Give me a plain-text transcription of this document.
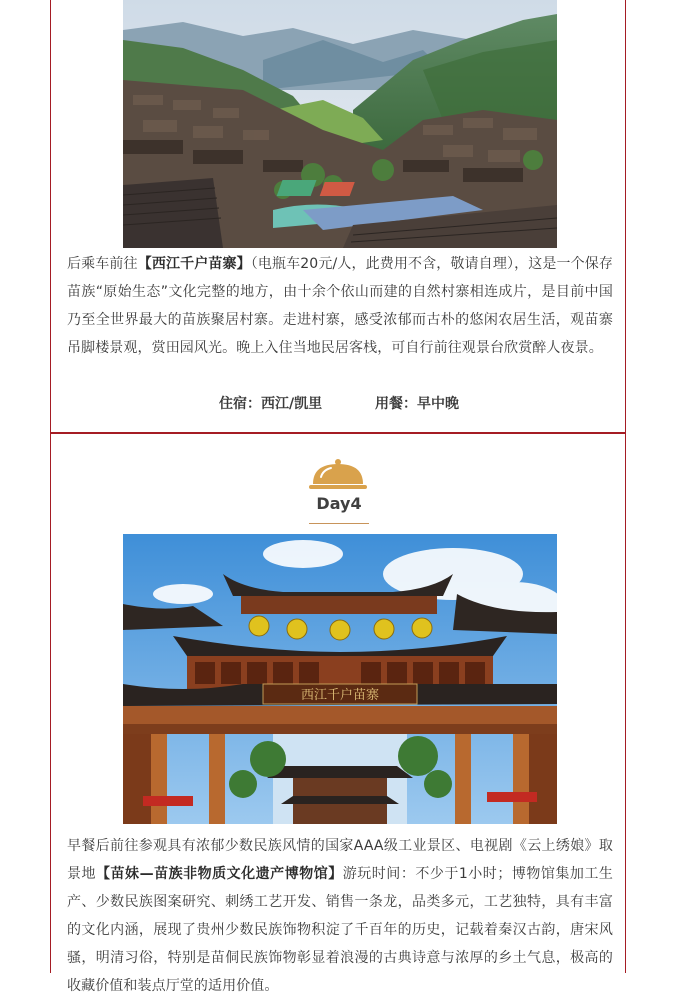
后乘车前往【西江千户苗寨】（电瓶车20元/人，此费用不含，敬请自理），这是一个保存苗族“原始生态”文化完整的地方，由十余个依山而建的自然村寨相连成片，是目前中国乃至全世界最大的苗族聚居村寨。走进村寨，感受浓郁而古朴的悠闲农居生活，观苗寨吊脚楼景观，赏田园风光。晚上入住当地民居客栈，可自行前往观景台欣赏醉人夜景。

住宿：西江/凯里	用餐：早中晚
Day4
西江千户苗寨

早餐后前往参观具有浓郁少数民族风情的国家AAA级工业景区、电视剧《云上绣娘》取景地【苗妹—苗族非物质文化遗产博物馆】游玩时间：不少于1小时；博物馆集加工生产、少数民族图案研究、刺绣工艺开发、销售一条龙，品类多元，工艺独特，具有丰富的文化内涵，展现了贵州少数民族饰物积淀了千百年的历史，记载着秦汉古韵，唐宋风骚，明清习俗，特别是苗侗民族饰物彰显着浪漫的古典诗意与浓厚的乡土气息，极高的收藏价值和装点厅堂的适用价值。
